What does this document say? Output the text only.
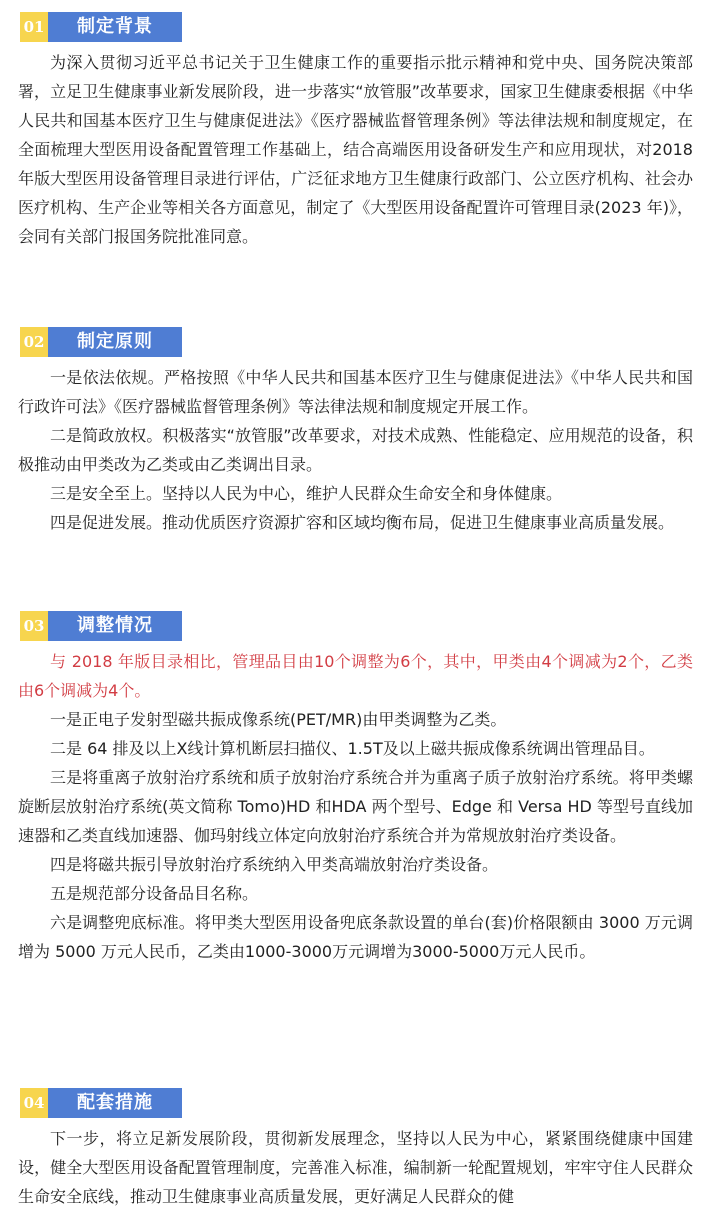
01	制定背景

为深入贯彻习近平总书记关于卫生健康工作的重要指示批示精神和党中央、国务院决策部署，立足卫生健康事业新发展阶段，进一步落实“放管服”改革要求，国家卫生健康委根据《中华人民共和国基本医疗卫生与健康促进法》《医疗器械监督管理条例》等法律法规和制度规定，在全面梳理大型医用设备配置管理工作基础上，结合高端医用设备研发生产和应用现状，对2018 年版大型医用设备管理目录进行评估，广泛征求地方卫生健康行政部门、公立医疗机构、社会办医疗机构、生产企业等相关各方面意见，制定了《大型医用设备配置许可管理目录(2023 年)》，会同有关部门报国务院批准同意。

02	制定原则

一是依法依规。严格按照《中华人民共和国基本医疗卫生与健康促进法》《中华人民共和国行政许可法》《医疗器械监督管理条例》等法律法规和制度规定开展工作。

二是简政放权。积极落实“放管服”改革要求，对技术成熟、性能稳定、应用规范的设备，积极推动由甲类改为乙类或由乙类调出目录。

三是安全至上。坚持以人民为中心，维护人民群众生命安全和身体健康。

四是促进发展。推动优质医疗资源扩容和区域均衡布局，促进卫生健康事业高质量发展。

03	调整情况

与 2018 年版目录相比，管理品目由10个调整为6个，其中，甲类由4个调减为2个，乙类由6个调减为4个。

一是正电子发射型磁共振成像系统(PET/MR)由甲类调整为乙类。

二是 64 排及以上X线计算机断层扫描仪、1.5T及以上磁共振成像系统调出管理品目。

三是将重离子放射治疗系统和质子放射治疗系统合并为重离子质子放射治疗系统。将甲类螺旋断层放射治疗系统(英文简称 Tomo)HD 和HDA 两个型号、Edge 和 Versa HD 等型号直线加速器和乙类直线加速器、伽玛射线立体定向放射治疗系统合并为常规放射治疗类设备。

四是将磁共振引导放射治疗系统纳入甲类高端放射治疗类设备。

五是规范部分设备品目名称。

六是调整兜底标准。将甲类大型医用设备兜底条款设置的单台(套)价格限额由 3000 万元调增为 5000 万元人民币，乙类由1000-3000万元调增为3000-5000万元人民币。

04	配套措施

下一步，将立足新发展阶段，贯彻新发展理念，坚持以人民为中心，紧紧围绕健康中国建设，健全大型医用设备配置管理制度，完善准入标准，编制新一轮配置规划，牢牢守住人民群众生命安全底线，推动卫生健康事业高质量发展，更好满足人民群众的健
